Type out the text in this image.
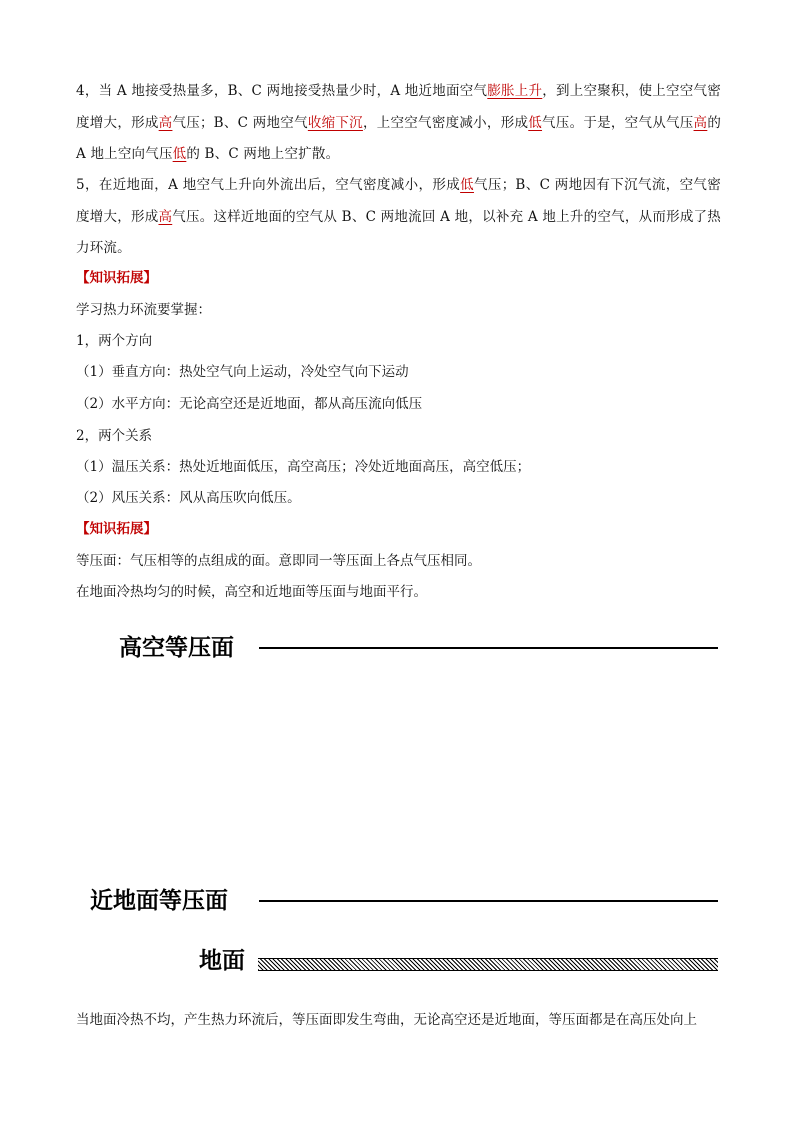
4，当 A 地接受热量多，B、C 两地接受热量少时，A 地近地面空气膨胀上升，到上空聚积，使上空空气密度增大，形成高气压；B、C 两地空气收缩下沉，上空空气密度减小，形成低气压。于是，空气从气压高的 A 地上空向气压低的 B、C 两地上空扩散。

5，在近地面，A 地空气上升向外流出后，空气密度减小，形成低气压；B、C 两地因有下沉气流，空气密度增大，形成高气压。这样近地面的空气从 B、C 两地流回 A 地，以补充 A 地上升的空气，从而形成了热力环流。

【知识拓展】

学习热力环流要掌握：

1，两个方向

（1）垂直方向：热处空气向上运动，冷处空气向下运动

（2）水平方向：无论高空还是近地面，都从高压流向低压

2，两个关系

（1）温压关系：热处近地面低压，高空高压；冷处近地面高压，高空低压；

（2）风压关系：风从高压吹向低压。

【知识拓展】

等压面：气压相等的点组成的面。意即同一等压面上各点气压相同。

在地面冷热均匀的时候，高空和近地面等压面与地面平行。

高空等压面
近地面等压面
地面

当地面冷热不均，产生热力环流后，等压面即发生弯曲，无论高空还是近地面，等压面都是在高压处向上
